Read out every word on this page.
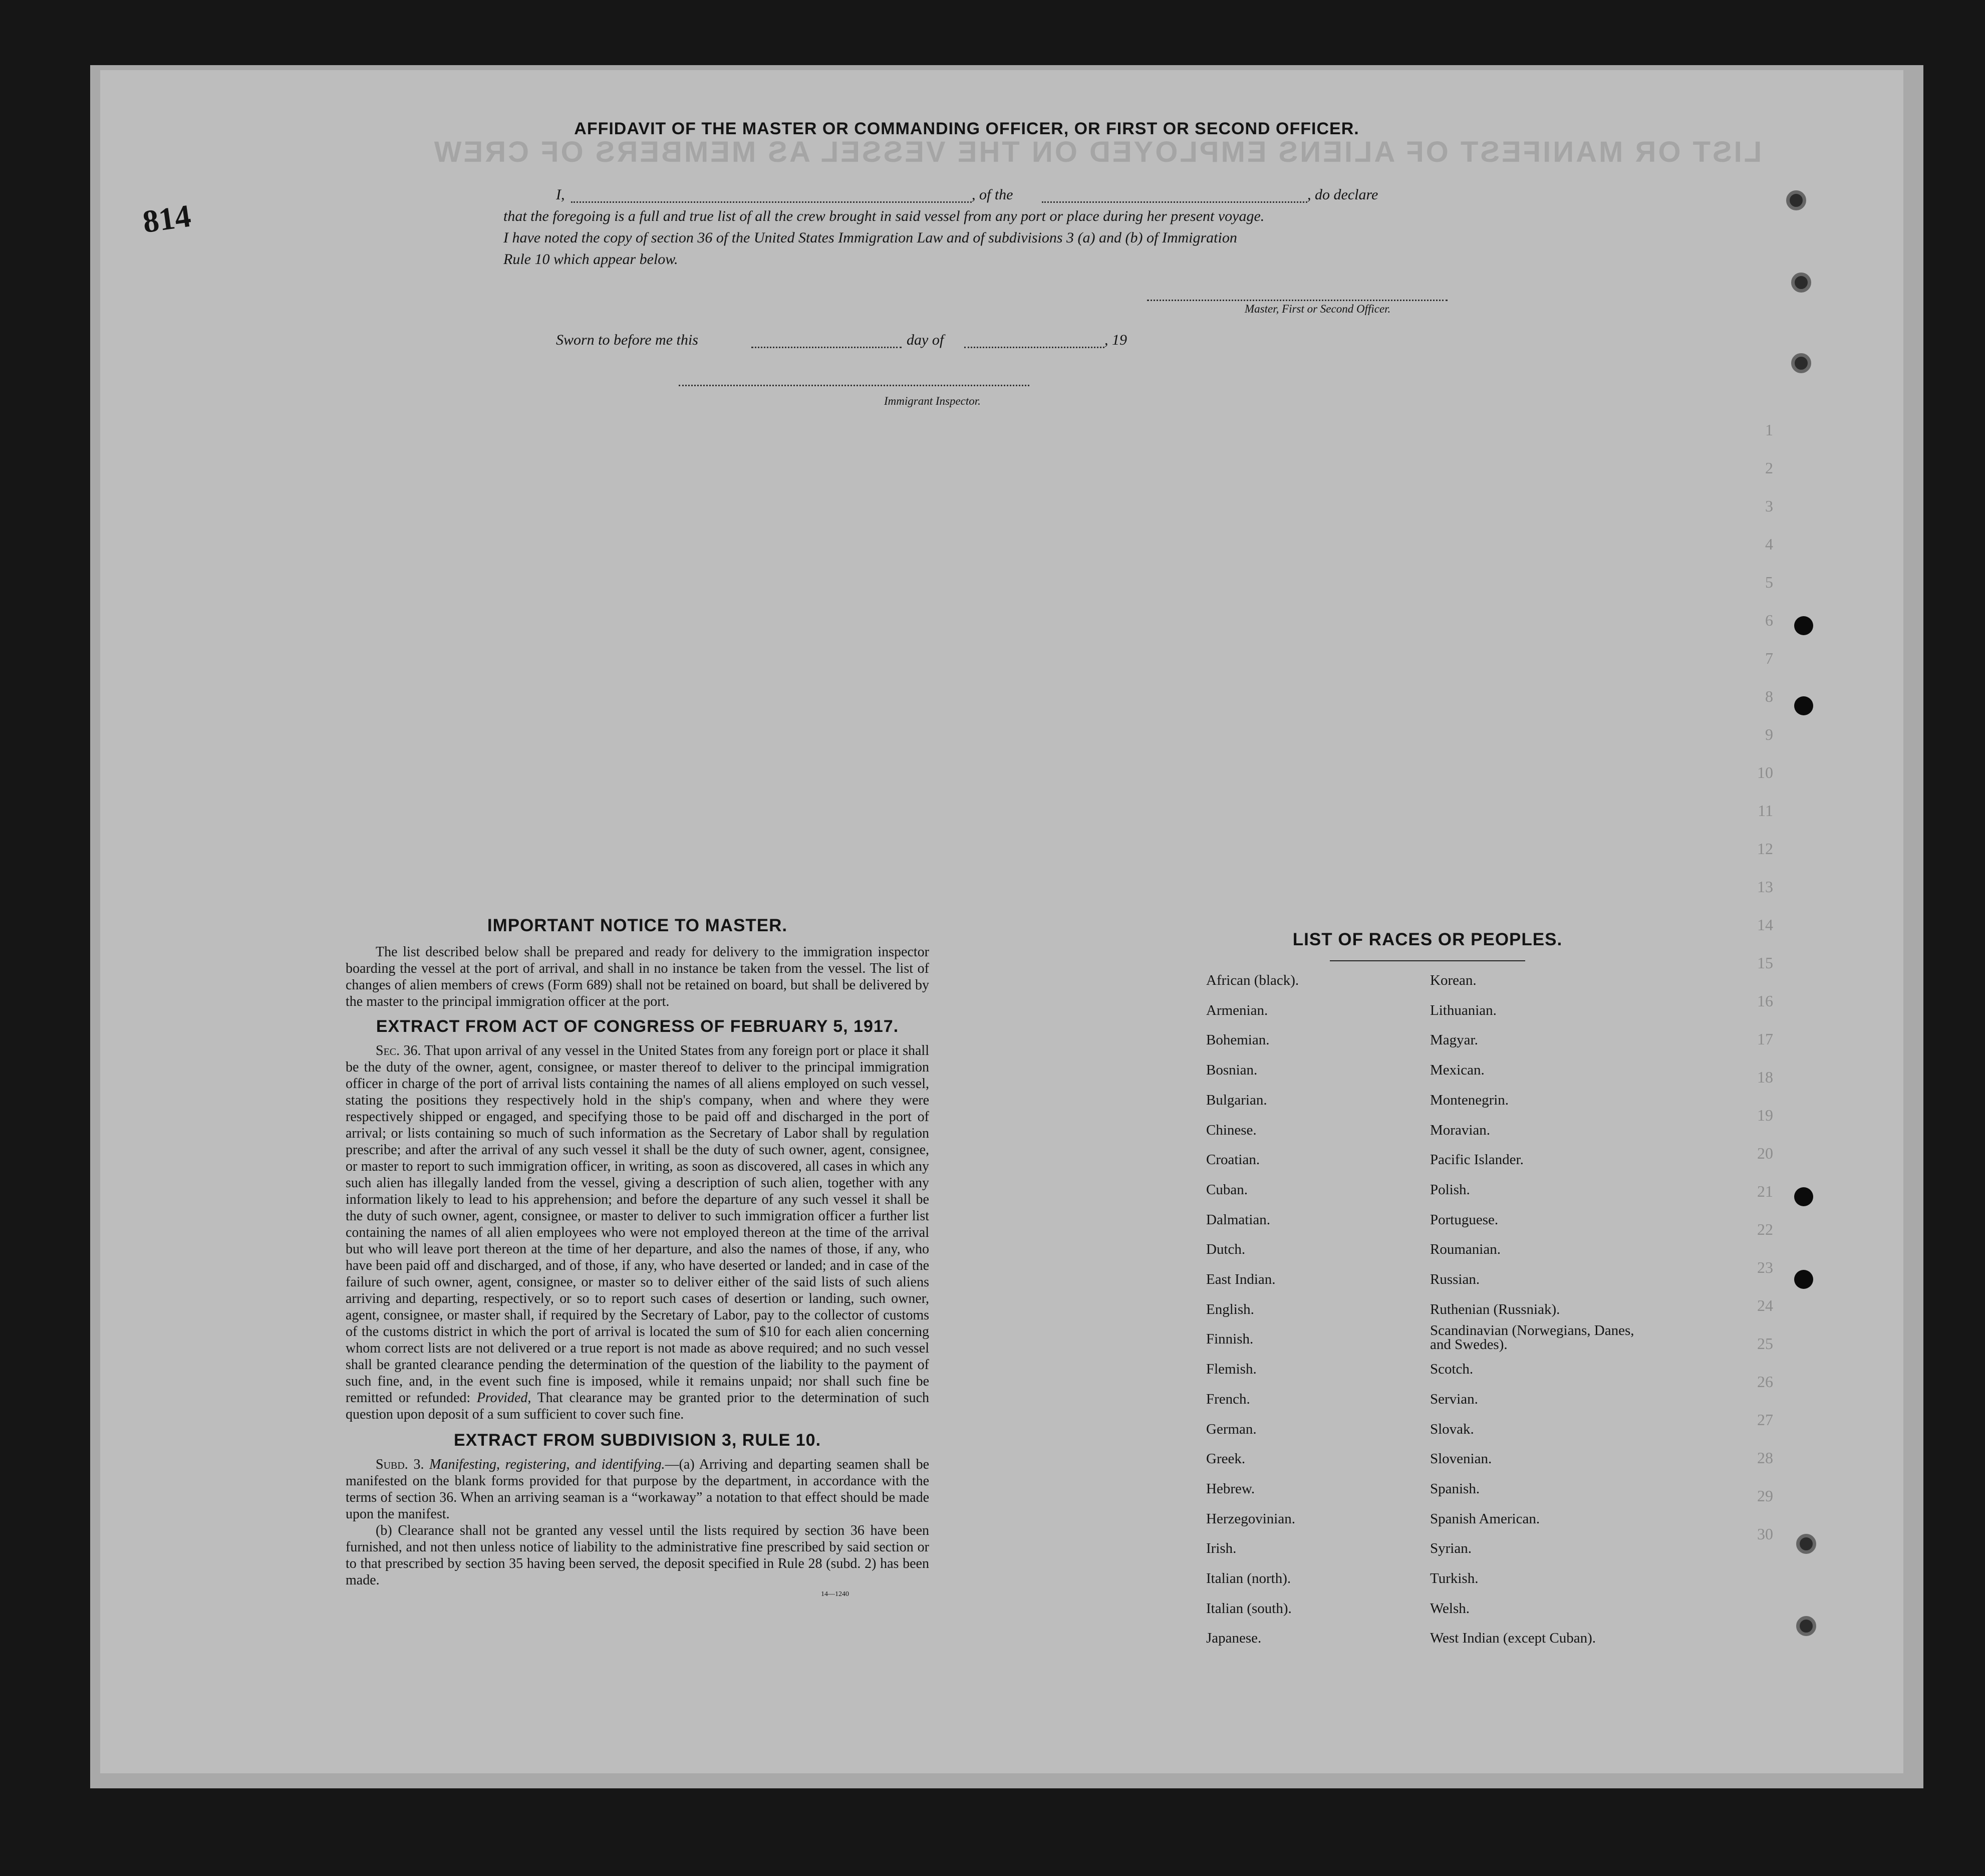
LIST OR MANIFEST OF ALIENS EMPLOYED ON THE VESSEL AS MEMBERS OF CREW
1
2
3
4
5
6
7
8
9
10
11
12
13
14
15
16
17
18
19
20
21
22
23
24
25
26
27
28
29
30
814
AFFIDAVIT OF THE MASTER OR COMMANDING OFFICER, OR FIRST OR SECOND OFFICER.
I,	, of the	, do declare
that the foregoing is a full and true list of all the crew brought in said vessel from any port or place during her present voyage.
I have noted the copy of section 36 of the United States Immigration Law and of subdivisions 3 (a) and (b) of Immigration
Rule 10 which appear below.
Master, First or Second Officer.
Sworn to before me this	day of	, 19
Immigrant Inspector.
IMPORTANT NOTICE TO MASTER.

The list described below shall be prepared and ready for delivery to the immigration inspector boarding the vessel at the port of arrival, and shall in no instance be taken from the vessel. The list of changes of alien members of crews (Form 689) shall not be retained on board, but shall be delivered by the master to the principal immigration officer at the port.

EXTRACT FROM ACT OF CONGRESS OF FEBRUARY 5, 1917.

Sec. 36. That upon arrival of any vessel in the United States from any foreign port or place it shall be the duty of the owner, agent, consignee, or master thereof to deliver to the principal immigration officer in charge of the port of arrival lists containing the names of all aliens employed on such vessel, stating the positions they respectively hold in the ship's company, when and where they were respectively shipped or engaged, and specifying those to be paid off and discharged in the port of arrival; or lists containing so much of such information as the Secretary of Labor shall by regulation prescribe; and after the arrival of any such vessel it shall be the duty of such owner, agent, consignee, or master to report to such immigration officer, in writing, as soon as discovered, all cases in which any such alien has illegally landed from the vessel, giving a description of such alien, together with any information likely to lead to his apprehension; and before the departure of any such vessel it shall be the duty of such owner, agent, consignee, or master to deliver to such immigration officer a further list containing the names of all alien employees who were not employed thereon at the time of the arrival but who will leave port thereon at the time of her departure, and also the names of those, if any, who have been paid off and discharged, and of those, if any, who have deserted or landed; and in case of the failure of such owner, agent, consignee, or master so to deliver either of the said lists of such aliens arriving and departing, respectively, or so to report such cases of desertion or landing, such owner, agent, consignee, or master shall, if required by the Secretary of Labor, pay to the collector of customs of the customs district in which the port of arrival is located the sum of $10 for each alien concerning whom correct lists are not delivered or a true report is not made as above required; and no such vessel shall be granted clearance pending the determination of the question of the liability to the payment of such fine, and, in the event such fine is imposed, while it remains unpaid; nor shall such fine be remitted or refunded: Provided, That clearance may be granted prior to the determination of such question upon deposit of a sum sufficient to cover such fine.

EXTRACT FROM SUBDIVISION 3, RULE 10.

Subd. 3. Manifesting, registering, and identifying.—(a) Arriving and departing seamen shall be manifested on the blank forms provided for that purpose by the department, in accordance with the terms of section 36. When an arriving seaman is a “workaway” a notation to that effect should be made upon the manifest.

(b) Clearance shall not be granted any vessel until the lists required by section 36 have been furnished, and not then unless notice of liability to the administrative fine prescribed by said section or to that prescribed by section 35 having been served, the deposit specified in Rule 28 (subd. 2) has been made.

14—1240
LIST OF RACES OR PEOPLES.
African (black).
Armenian.
Bohemian.
Bosnian.
Bulgarian.
Chinese.
Croatian.
Cuban.
Dalmatian.
Dutch.
East Indian.
English.
Finnish.
Flemish.
French.
German.
Greek.
Hebrew.
Herzegovinian.
Irish.
Italian (north).
Italian (south).
Japanese.
Korean.
Lithuanian.
Magyar.
Mexican.
Montenegrin.
Moravian.
Pacific Islander.
Polish.
Portuguese.
Roumanian.
Russian.
Ruthenian (Russniak).
Scandinavian (Norwegians, Danes, and Swedes).
Scotch.
Servian.
Slovak.
Slovenian.
Spanish.
Spanish American.
Syrian.
Turkish.
Welsh.
West Indian (except Cuban).
